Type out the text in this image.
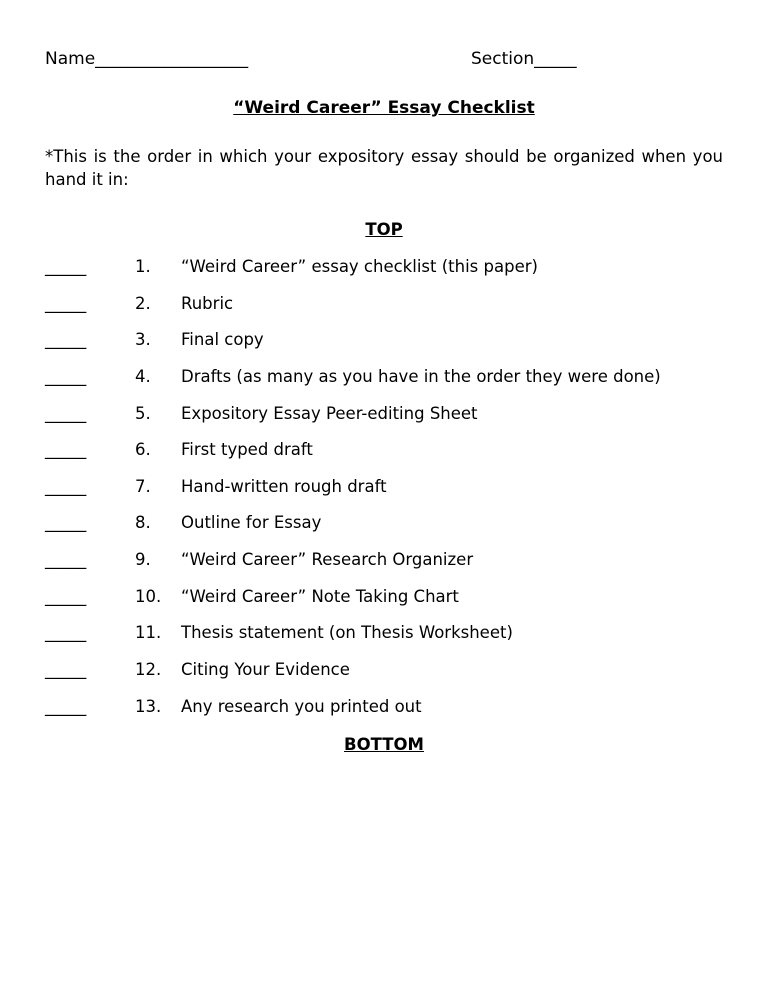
Name__________________	Section_____
“Weird Career” Essay Checklist
*This is the order in which your expository essay should be organized when you hand it in:
TOP
_____	1. “Weird Career” essay checklist (this paper)
_____	2. Rubric
_____	3. Final copy
_____	4. Drafts (as many as you have in the order they were done)
_____	5. Expository Essay Peer-editing Sheet
_____	6. First typed draft
_____	7. Hand-written rough draft
_____	8. Outline for Essay
_____	9. “Weird Career” Research Organizer
_____	10. “Weird Career” Note Taking Chart
_____	11. Thesis statement (on Thesis Worksheet)
_____	12. Citing Your Evidence
_____	13. Any research you printed out
BOTTOM
